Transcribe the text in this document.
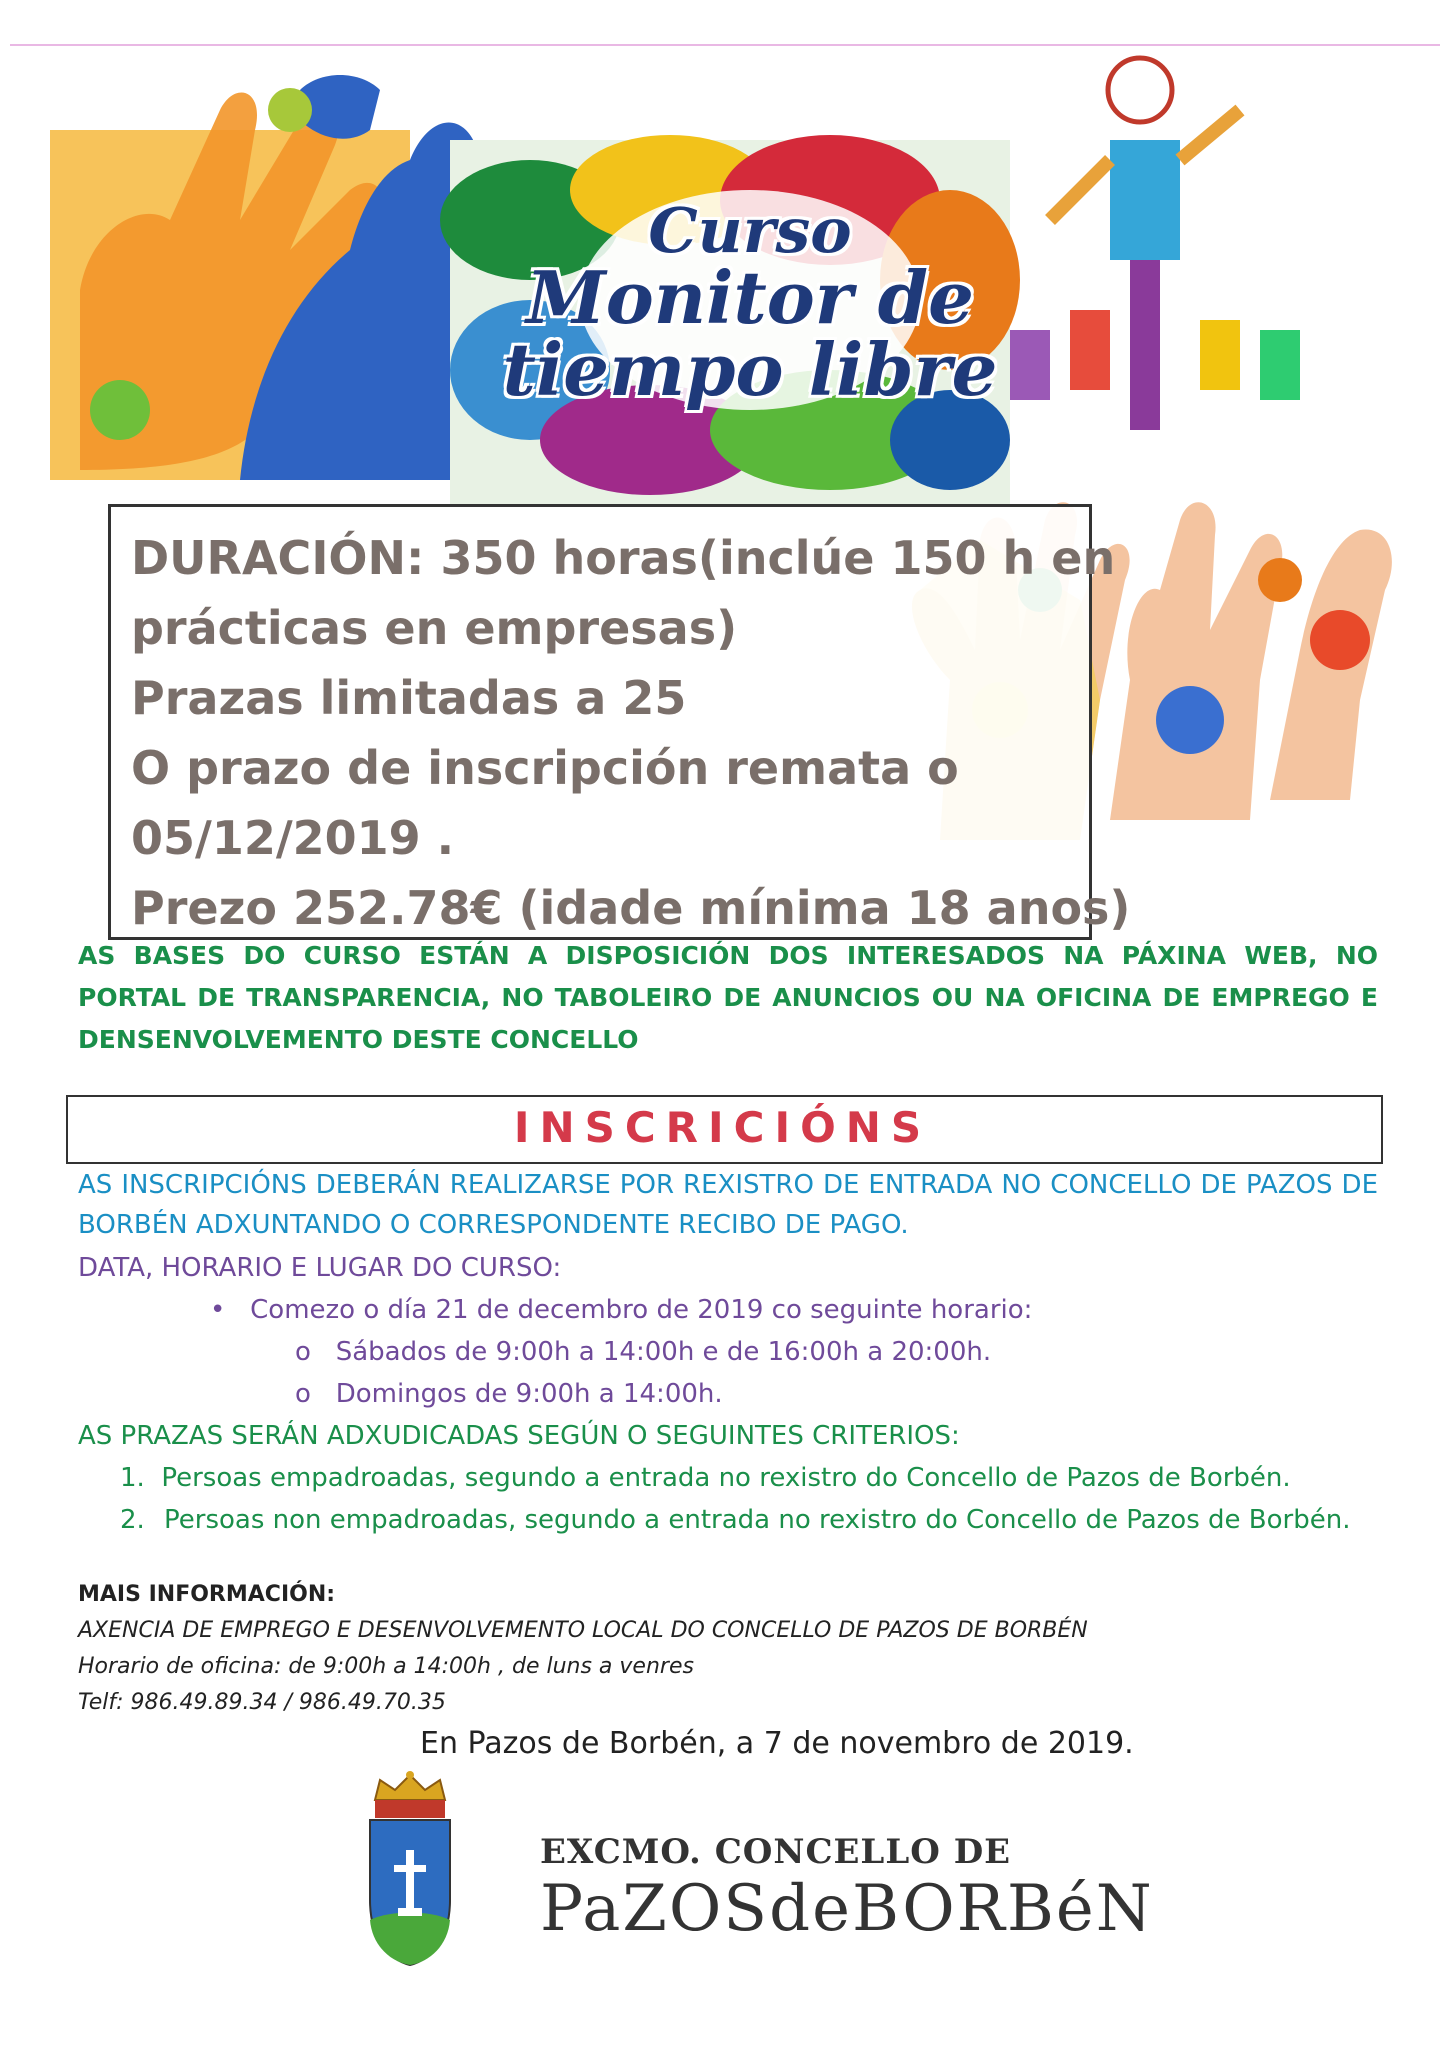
Curso
Monitor de
tiempo libre
DURACIÓN: 350 horas(inclúe 150 h en
prácticas en empresas)
Prazas limitadas a 25
O prazo de inscripción remata o
05/12/2019 .
Prezo 252.78€ (idade mínima 18 anos)
AS BASES DO CURSO ESTÁN A DISPOSICIÓN DOS INTERESADOS NA PÁXINA WEB, NO PORTAL DE TRANSPARENCIA, NO TABOLEIRO DE ANUNCIOS OU NA OFICINA DE EMPREGO E DENSENVOLVEMENTO DESTE CONCELLO
INSCRICIÓNS
AS INSCRIPCIÓNS DEBERÁN REALIZARSE POR REXISTRO DE ENTRADA NO CONCELLO DE PAZOS DE BORBÉN ADXUNTANDO O CORRESPONDENTE RECIBO DE PAGO.
DATA, HORARIO E LUGAR DO CURSO:
•   Comezo o día 21 de decembro de 2019 co seguinte horario:
o   Sábados de 9:00h a 14:00h e de 16:00h a 20:00h.
o   Domingos de 9:00h a 14:00h.
AS PRAZAS SERÁN ADXUDICADAS SEGÚN O SEGUINTES CRITERIOS:
1. Persoas empadroadas, segundo a entrada no rexistro do Concello de Pazos de Borbén.
2. Persoas non empadroadas, segundo a entrada no rexistro do Concello de Pazos de Borbén.
MAIS INFORMACIÓN:
AXENCIA DE EMPREGO E DESENVOLVEMENTO LOCAL DO CONCELLO DE PAZOS DE BORBÉN
Horario de oficina: de 9:00h a 14:00h , de luns a venres
Telf: 986.49.89.34 / 986.49.70.35
En Pazos de Borbén, a 7 de novembro de 2019.
EXCMO. CONCELLO DE
PaZOSdeBORBéN
